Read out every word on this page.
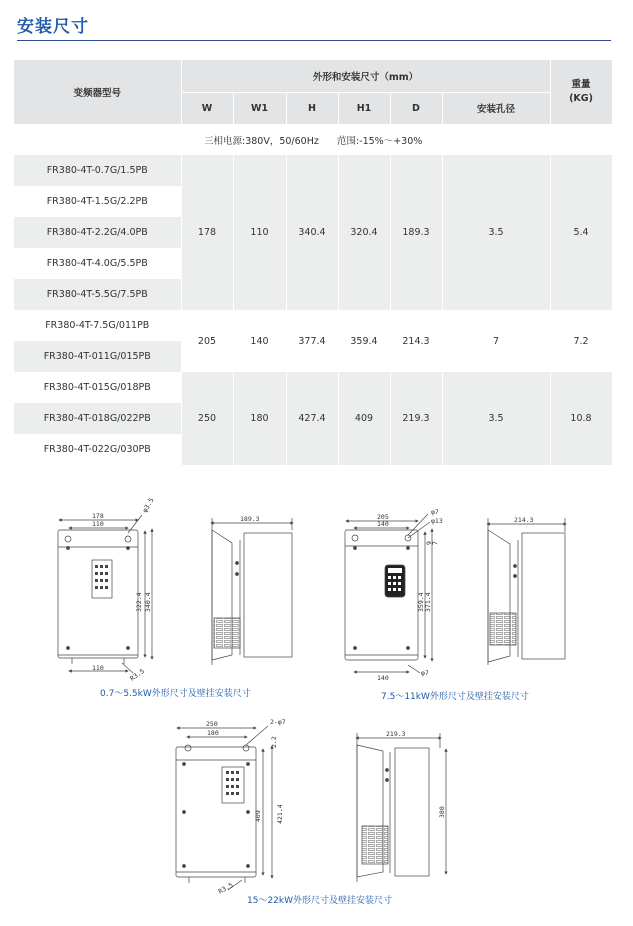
安装尺寸
变频器型号	外形和安装尺寸（mm）						重量
(KG)
	W	W1	H	H1	D	安装孔径	
三相电源:380V，50/60Hz      范围:-15%～+30%							
FR380-4T-0.7G/1.5PB	178	110	340.4	320.4	189.3	3.5	5.4
FR380-4T-1.5G/2.2PB							
FR380-4T-2.2G/4.0PB							
FR380-4T-4.0G/5.5PB							
FR380-4T-5.5G/7.5PB							
FR380-4T-7.5G/011PB	205	140	377.4	359.4	214.3	7	7.2
FR380-4T-011G/015PB							
FR380-4T-015G/018PB	250	180	427.4	409	219.3	3.5	10.8
FR380-4T-018G/022PB							
FR380-4T-022G/030PB							
178
110
110
φ3.5
322.4 340.4
R3.5
189.3	205
140
140
φ7
φ13
9
7
359.4 371.4
φ7
214.3
250
180
2-φ7
2.2
409 421.4
R3.5
219.3
380
0.7～5.5kW外形尺寸及壁挂安装尺寸	7.5～11kW外形尺寸及壁挂安装尺寸
15～22kW外形尺寸及壁挂安装尺寸
